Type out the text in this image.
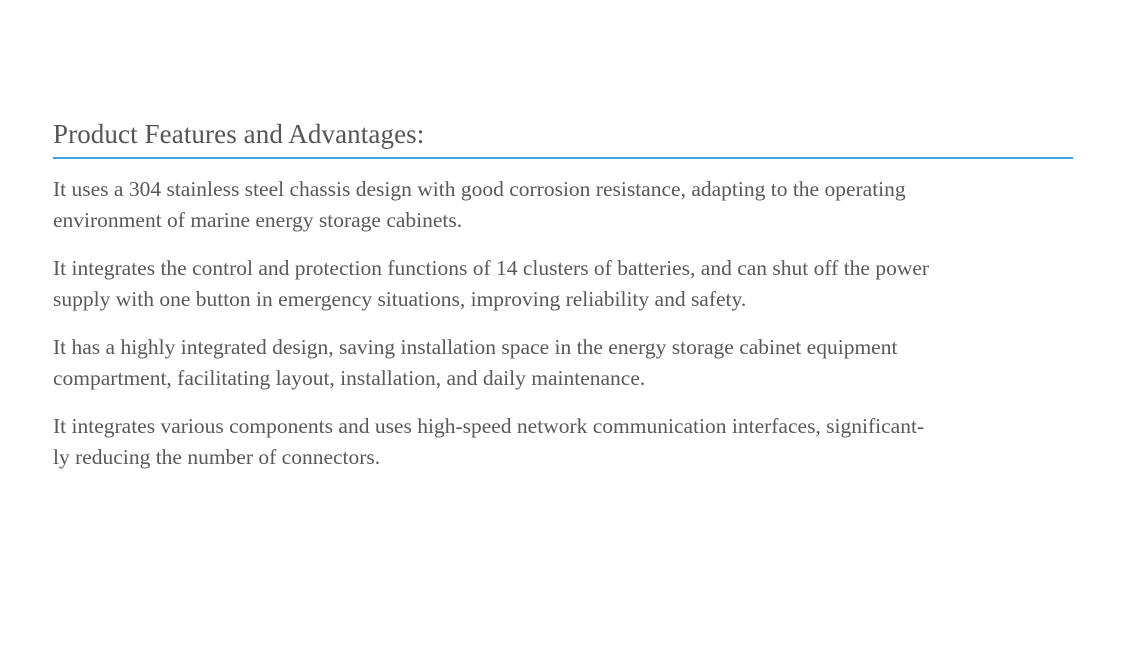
Product Features and Advantages:

It uses a 304 stainless steel chassis design with good corrosion resistance, adapting to the operating
environment of marine energy storage cabinets.

It integrates the control and protection functions of 14 clusters of batteries, and can shut off the power
supply with one button in emergency situations, improving reliability and safety.

It has a highly integrated design, saving installation space in the energy storage cabinet equipment
compartment, facilitating layout, installation, and daily maintenance.

It integrates various components and uses high-speed network communication interfaces, significant-
ly reducing the number of connectors.
